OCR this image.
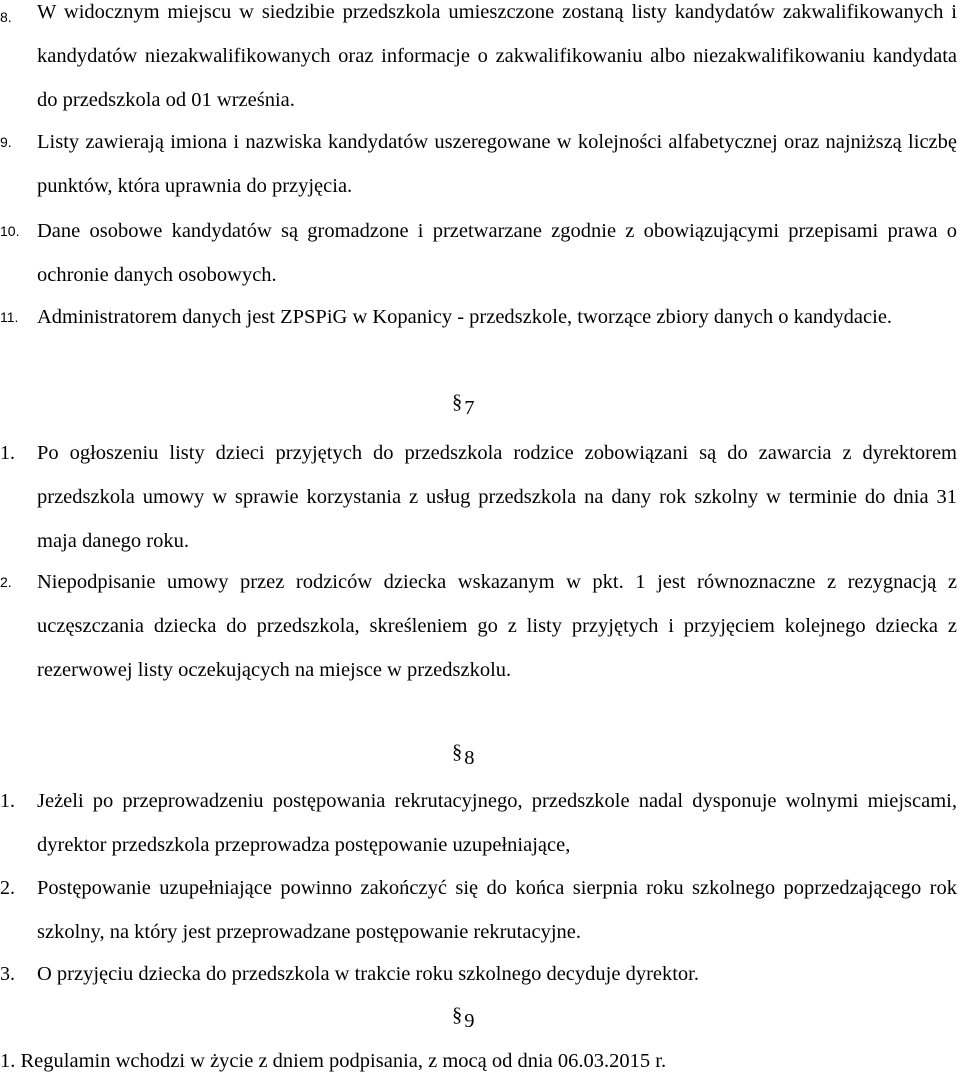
8. W widocznym miejscu w siedzibie przedszkola umieszczone zostaną listy kandydatów zakwalifikowanych i kandydatów niezakwalifikowanych oraz informacje o zakwalifikowaniu albo niezakwalifikowaniu kandydata do przedszkola od 01 września.

9. Listy zawierają imiona i nazwiska kandydatów uszeregowane w kolejności alfabetycznej oraz najniższą liczbę punktów, która uprawnia do przyjęcia.

10. Dane osobowe kandydatów są gromadzone i przetwarzane zgodnie z obowiązującymi przepisami prawa o ochronie danych osobowych.

11. Administratorem danych jest ZPSPiG w Kopanicy - przedszkole, tworzące zbiory danych o kandydacie.

§7
1. Po ogłoszeniu listy dzieci przyjętych do przedszkola rodzice zobowiązani są do zawarcia z dyrektorem przedszkola umowy w sprawie korzystania z usług przedszkola na dany rok szkolny w terminie do dnia 31 maja danego roku.

2. Niepodpisanie umowy przez rodziców dziecka wskazanym w pkt. 1 jest równoznaczne z rezygnacją z uczęszczania dziecka do przedszkola, skreśleniem go z listy przyjętych i przyjęciem kolejnego dziecka z rezerwowej listy oczekujących na miejsce w przedszkolu.

§8
1. Jeżeli po przeprowadzeniu postępowania rekrutacyjnego, przedszkole nadal dysponuje wolnymi miejscami, dyrektor przedszkola przeprowadza postępowanie uzupełniające,

2. Postępowanie uzupełniające powinno zakończyć się do końca sierpnia roku szkolnego poprzedzającego rok szkolny, na który jest przeprowadzane postępowanie rekrutacyjne.

3. O przyjęciu dziecka do przedszkola w trakcie roku szkolnego decyduje dyrektor.

§9

1. Regulamin wchodzi w życie z dniem podpisania, z mocą od dnia 06.03.2015 r.
